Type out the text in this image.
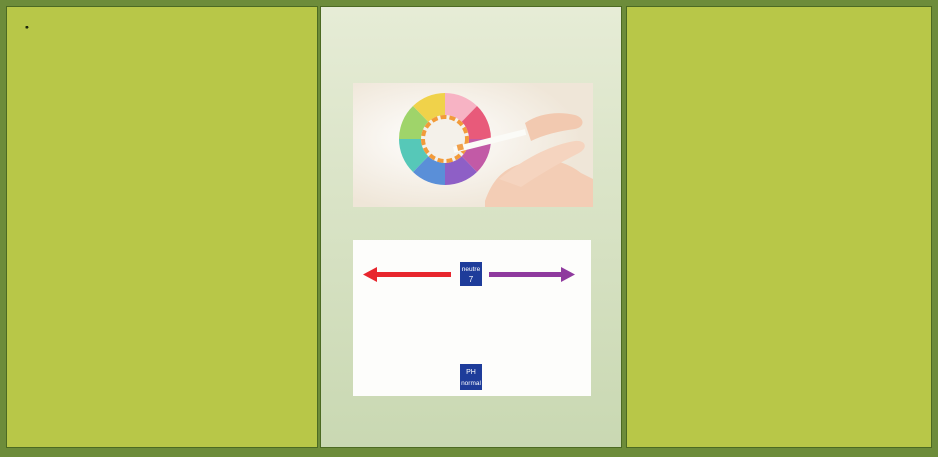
neutre
7
PH
normal
